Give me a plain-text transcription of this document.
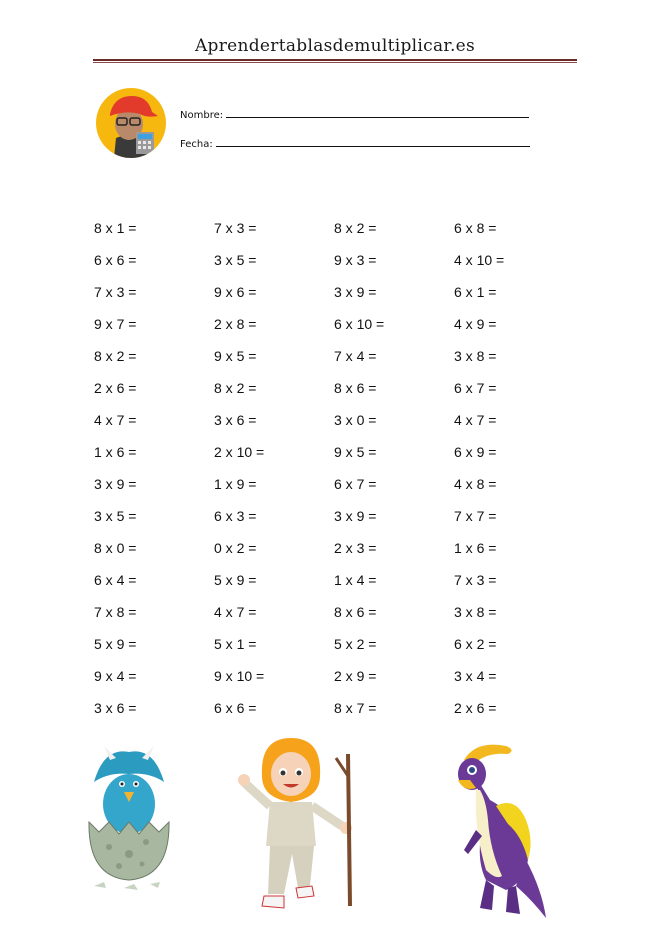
Aprendertablasdemultiplicar.es
Nombre:
Fecha:
8 x 1 =
6 x 6 =
7 x 3 =
9 x 7 =
8 x 2 =
2 x 6 =
4 x 7 =
1 x 6 =
3 x 9 =
3 x 5 =
8 x 0 =
6 x 4 =
7 x 8 =
5 x 9 =
9 x 4 =
3 x 6 =
7 x 3 =
3 x 5 =
9 x 6 =
2 x 8 =
9 x 5 =
8 x 2 =
3 x 6 =
2 x 10 =
1 x 9 =
6 x 3 =
0 x 2 =
5 x 9 =
4 x 7 =
5 x 1 =
9 x 10 =
6 x 6 =
8 x 2 =
9 x 3 =
3 x 9 =
6 x 10 =
7 x 4 =
8 x 6 =
3 x 0 =
9 x 5 =
6 x 7 =
3 x 9 =
2 x 3 =
1 x 4 =
8 x 6 =
5 x 2 =
2 x 9 =
8 x 7 =
6 x 8 =
4 x 10 =
6 x 1 =
4 x 9 =
3 x 8 =
6 x 7 =
4 x 7 =
6 x 9 =
4 x 8 =
7 x 7 =
1 x 6 =
7 x 3 =
3 x 8 =
6 x 2 =
3 x 4 =
2 x 6 =
